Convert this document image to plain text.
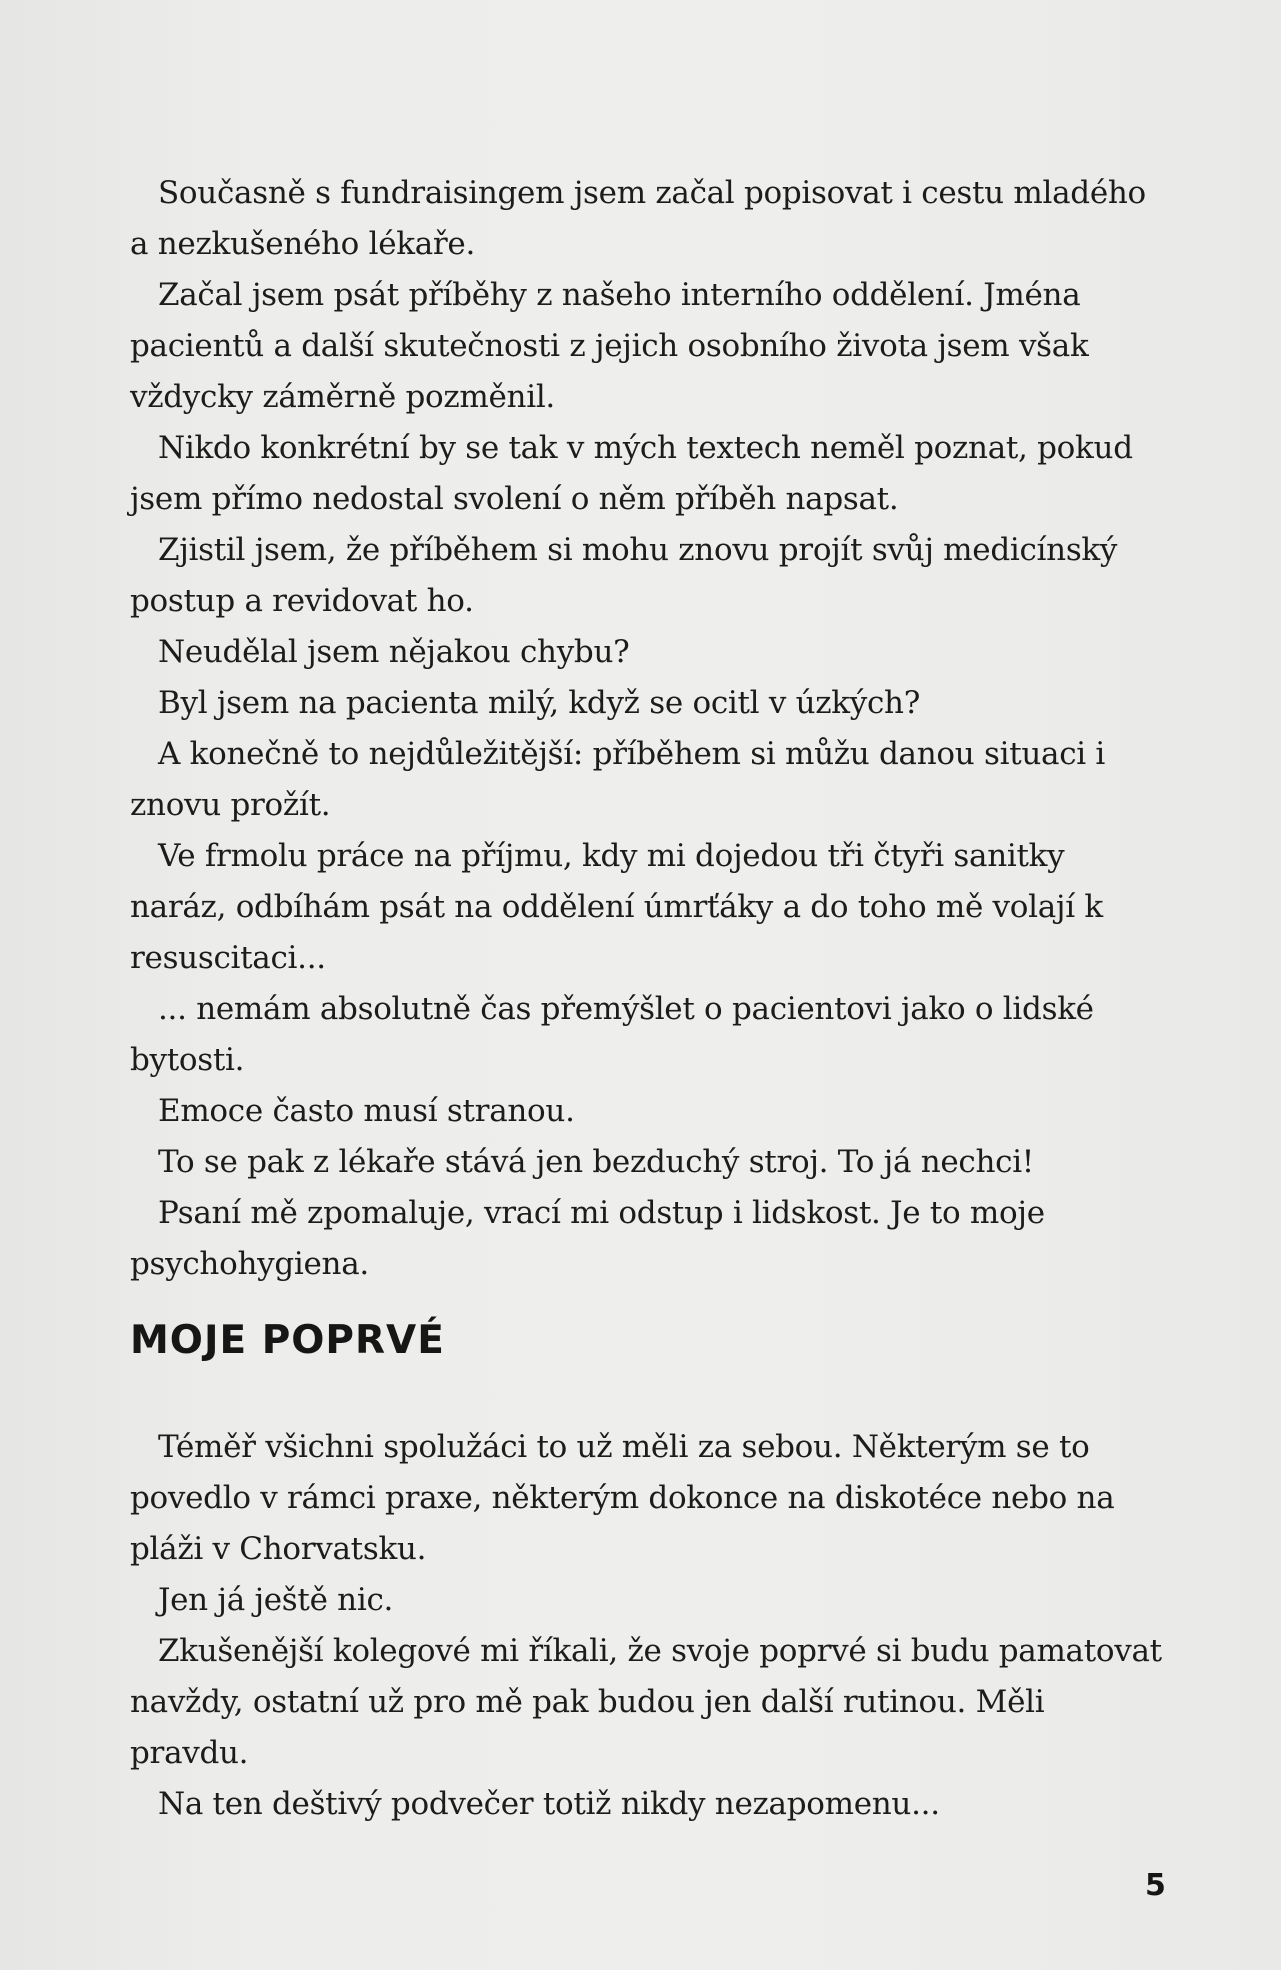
Současně s fundraisingem jsem začal popisovat i cestu mladého a nezkušeného lékaře.

Začal jsem psát příběhy z našeho interního oddělení. Jména pacientů a další skutečnosti z jejich osobního života jsem však vždycky záměrně pozměnil.

Nikdo konkrétní by se tak v mých textech neměl poznat, pokud jsem přímo nedostal svolení o něm příběh napsat.

Zjistil jsem, že příběhem si mohu znovu projít svůj medicínský postup a revidovat ho.

Neudělal jsem nějakou chybu?

Byl jsem na pacienta milý, když se ocitl v úzkých?

A konečně to nejdůležitější: příběhem si můžu danou situaci i znovu prožít.

Ve frmolu práce na příjmu, kdy mi dojedou tři čtyři sanitky naráz, odbíhám psát na oddělení úmrťáky a do toho mě volají k resuscitaci...

... nemám absolutně čas přemýšlet o pacientovi jako o lidské bytosti.

Emoce často musí stranou.

To se pak z lékaře stává jen bezduchý stroj. To já nechci!

Psaní mě zpomaluje, vrací mi odstup i lidskost. Je to moje psychohygiena.

MOJE POPRVÉ

Téměř všichni spolužáci to už měli za sebou. Některým se to povedlo v rámci praxe, některým dokonce na diskotéce nebo na pláži v Chorvatsku.

Jen já ještě nic.

Zkušenější kolegové mi říkali, že svoje poprvé si budu pamatovat navždy, ostatní už pro mě pak budou jen další rutinou. Měli pravdu.

Na ten deštivý podvečer totiž nikdy nezapomenu...

5
